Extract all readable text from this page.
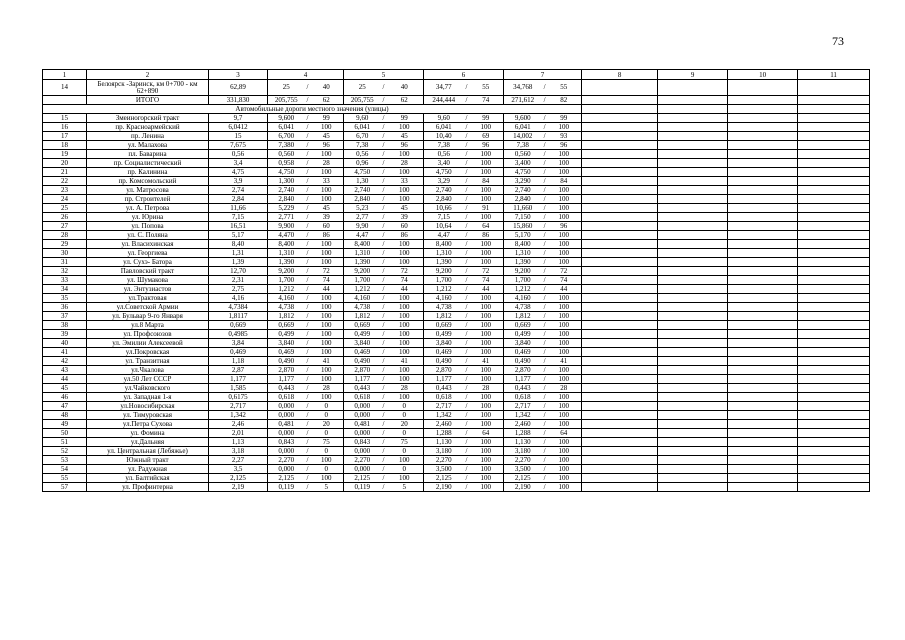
73
1	2	3	4			5			6			7			8	9	10	11
14	Белоярск -Заринск, км 0+700 - км 62+890	62,89	25	/	40	25	/	40	34,77	/	55	34,768	/	55				
	ИТОГО	331,830	205,755	/	62	205,755	/	62	244,444	/	74	271,612	/	82				
Автомобильные дороги местного значения (улицы)																		
15	Змеиногорский тракт	9,7	9,600	/	99	9,60	/	99	9,60	/	99	9,600	/	99				
16	пр. Красноармейский	6,0412	6,041	/	100	6,041	/	100	6,041	/	100	6,041	/	100				
17	пр. Ленина	15	6,700	/	45	6,70	/	45	10,40	/	69	14,002	/	93				
18	ул. Малахова	7,675	7,380	/	96	7,38	/	96	7,38	/	96	7,38	/	96				
19	пл. Баварина	0,56	0,560	/	100	0,56	/	100	0,56	/	100	0,560	/	100				
20	пр. Социалистический	3,4	0,958	/	28	0,96	/	28	3,40	/	100	3,400	/	100				
21	пр. Калинина	4,75	4,750	/	100	4,750	/	100	4,750	/	100	4,750	/	100				
22	пр. Комсомольский	3,9	1,300	/	33	1,30	/	33	3,29	/	84	3,290	/	84				
23	ул. Матросова	2,74	2,740	/	100	2,740	/	100	2,740	/	100	2,740	/	100				
24	пр. Строителей	2,84	2,840	/	100	2,840	/	100	2,840	/	100	2,840	/	100				
25	ул. А. Петрова	11,66	5,229	/	45	5,23	/	45	10,66	/	91	11,660	/	100				
26	ул. Юрина	7,15	2,771	/	39	2,77	/	39	7,15	/	100	7,150	/	100				
27	ул. Попова	16,51	9,900	/	60	9,90	/	60	10,64	/	64	15,860	/	96				
28	ул. С. Поляна	5,17	4,470	/	86	4,47	/	86	4,47	/	86	5,170	/	100				
29	ул. Власихинская	8,40	8,400	/	100	8,400	/	100	8,400	/	100	8,400	/	100				
30	ул. Георгиева	1,31	1,310	/	100	1,310	/	100	1,310	/	100	1,310	/	100				
31	ул. Сухэ- Батора	1,39	1,390	/	100	1,390	/	100	1,390	/	100	1,390	/	100				
32	Павловский тракт	12,70	9,200	/	72	9,200	/	72	9,200	/	72	9,200	/	72				
33	ул. Шумакова	2,31	1,700	/	74	1,700	/	74	1,700	/	74	1,700	/	74				
34	ул. Энтузиастов	2,75	1,212	/	44	1,212	/	44	1,212	/	44	1,212	/	44				
35	ул.Трактовая	4,16	4,160	/	100	4,160	/	100	4,160	/	100	4,160	/	100				
36	ул.Советской Армии	4,7384	4,738	/	100	4,738	/	100	4,738	/	100	4,738	/	100				
37	ул. Бульвар 9-го Января	1,8117	1,812	/	100	1,812	/	100	1,812	/	100	1,812	/	100				
38	ул.8 Марта	0,669	0,669	/	100	0,669	/	100	0,669	/	100	0,669	/	100				
39	ул. Профсоюзов	0,4985	0,499	/	100	0,499	/	100	0,499	/	100	0,499	/	100				
40	ул. Эмилии Алексеевой	3,84	3,840	/	100	3,840	/	100	3,840	/	100	3,840	/	100				
41	ул.Покровская	0,469	0,469	/	100	0,469	/	100	0,469	/	100	0,469	/	100				
42	ул. Транзитная	1,18	0,490	/	41	0,490	/	41	0,490	/	41	0,490	/	41				
43	ул.Чкалова	2,87	2,870	/	100	2,870	/	100	2,870	/	100	2,870	/	100				
44	ул.50 Лет СССР	1,177	1,177	/	100	1,177	/	100	1,177	/	100	1,177	/	100				
45	ул.Чайковского	1,585	0,443	/	28	0,443	/	28	0,443	/	28	0,443	/	28				
46	ул. Западная 1-я	0,6175	0,618	/	100	0,618	/	100	0,618	/	100	0,618	/	100				
47	ул.Новосибирская	2,717	0,000	/	0	0,000	/	0	2,717	/	100	2,717	/	100				
48	ул. Тимуровская	1,342	0,000	/	0	0,000	/	0	1,342	/	100	1,342	/	100				
49	ул.Петра Сухова	2,46	0,481	/	20	0,481	/	20	2,460	/	100	2,460	/	100				
50	ул. Фомина	2,01	0,000	/	0	0,000	/	0	1,288	/	64	1,288	/	64				
51	ул.Дальняя	1,13	0,843	/	75	0,843	/	75	1,130	/	100	1,130	/	100				
52	ул. Центральная (Лебяжье)	3,18	0,000	/	0	0,000	/	0	3,180	/	100	3,180	/	100				
53	Южный тракт	2,27	2,270	/	100	2,270	/	100	2,270	/	100	2,270	/	100				
54	ул. Радужная	3,5	0,000	/	0	0,000	/	0	3,500	/	100	3,500	/	100				
55	ул. Балтийская	2,125	2,125	/	100	2,125	/	100	2,125	/	100	2,125	/	100				
57	ул. Профинтерна	2,19	0,119	/	5	0,119	/	5	2,190	/	100	2,190	/	100				
